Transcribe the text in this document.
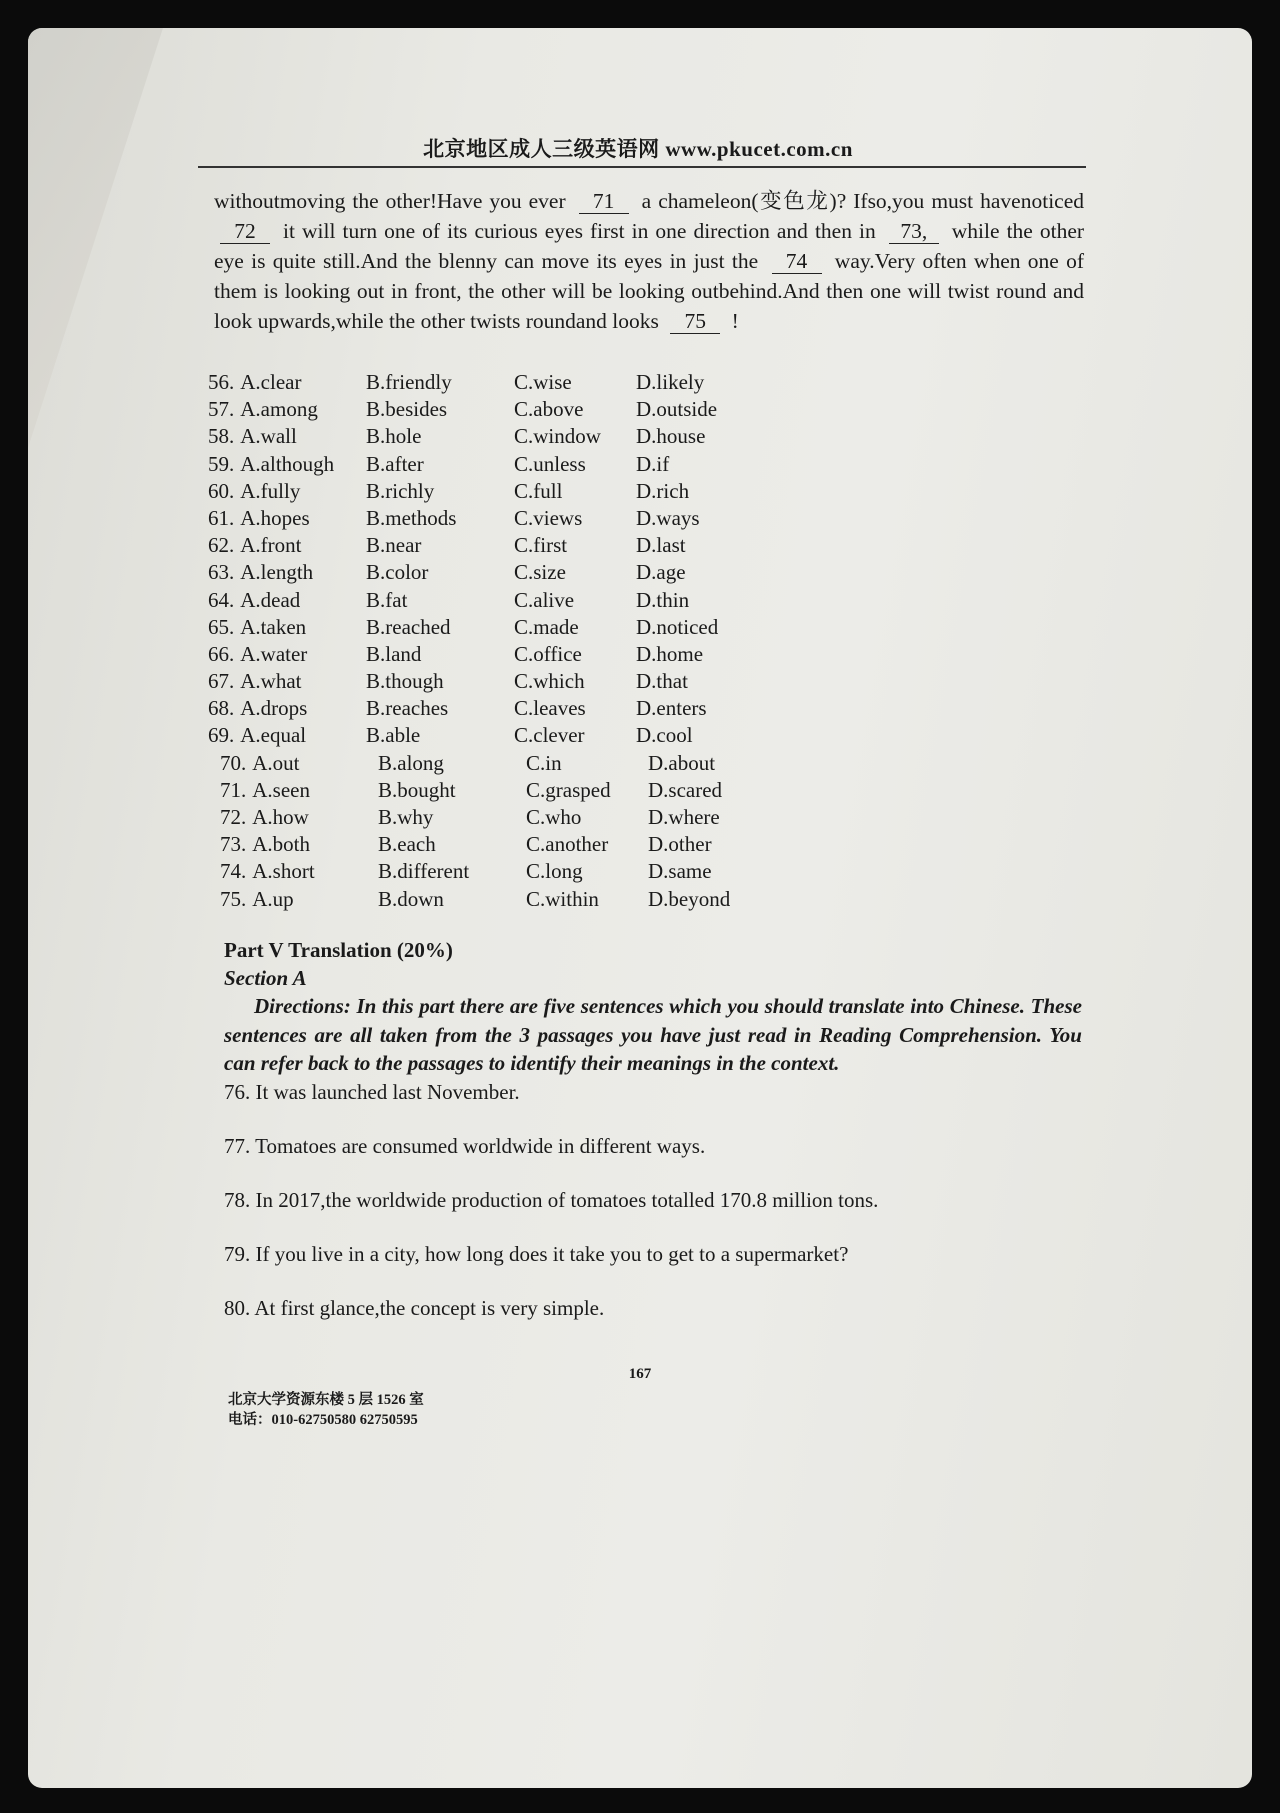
北京地区成人三级英语网 www.pkucet.com.cn
withoutmoving the other!Have you ever 71 a chameleon(变色龙)? Ifso,you must havenoticed 72 it will turn one of its curious eyes first in one direction and then in 73, while the other eye is quite still.And the blenny can move its eyes in just the 74 way.Very often when one of them is looking out in front, the other will be looking outbehind.And then one will twist round and look upwards,while the other twists roundand looks 75 !
56. A.clear	B.friendly	C.wise	D.likely
57. A.among B.besides	C.above	D.outside
58. A.wall	B.hole	C.window D.house
59. A.although B.after	C.unless D.if
60. A.fully	B.richly	C.full	D.rich
61. A.hopes	B.methods	C.views	D.ways
62. A.front	B.near	C.first	D.last
63. A.length	B.color	C.size	D.age
64. A.dead	B.fat	C.alive	D.thin
65. A.taken	B.reached	C.made	D.noticed
66. A.water	B.land	C.office	D.home
67. A.what	B.though	C.which D.that
68. A.drops	B.reaches	C.leaves D.enters
69. A.equal	B.able	C.clever D.cool
70. A.out	B.along	C.in	D.about
71. A.seen	B.bought	C.grasped D.scared
72. A.how	B.why	C.who	D.where
73. A.both	B.each	C.another D.other
74. A.short	B.different	C.long	D.same
75. A.up	B.down	C.within D.beyond
Part V Translation (20%)
Section A
Directions: In this part there are five sentences which you should translate into Chinese. These sentences are all taken from the 3 passages you have just read in Reading Comprehension. You can refer back to the passages to identify their meanings in the context.
76. It was launched last November.
77. Tomatoes are consumed worldwide in different ways.
78. In 2017,the worldwide production of tomatoes totalled 170.8 million tons.
79. If you live in a city, how long does it take you to get to a supermarket?
80. At first glance,the concept is very simple.
167
北京大学资源东楼 5 层 1526 室
电话：010-62750580 62750595
